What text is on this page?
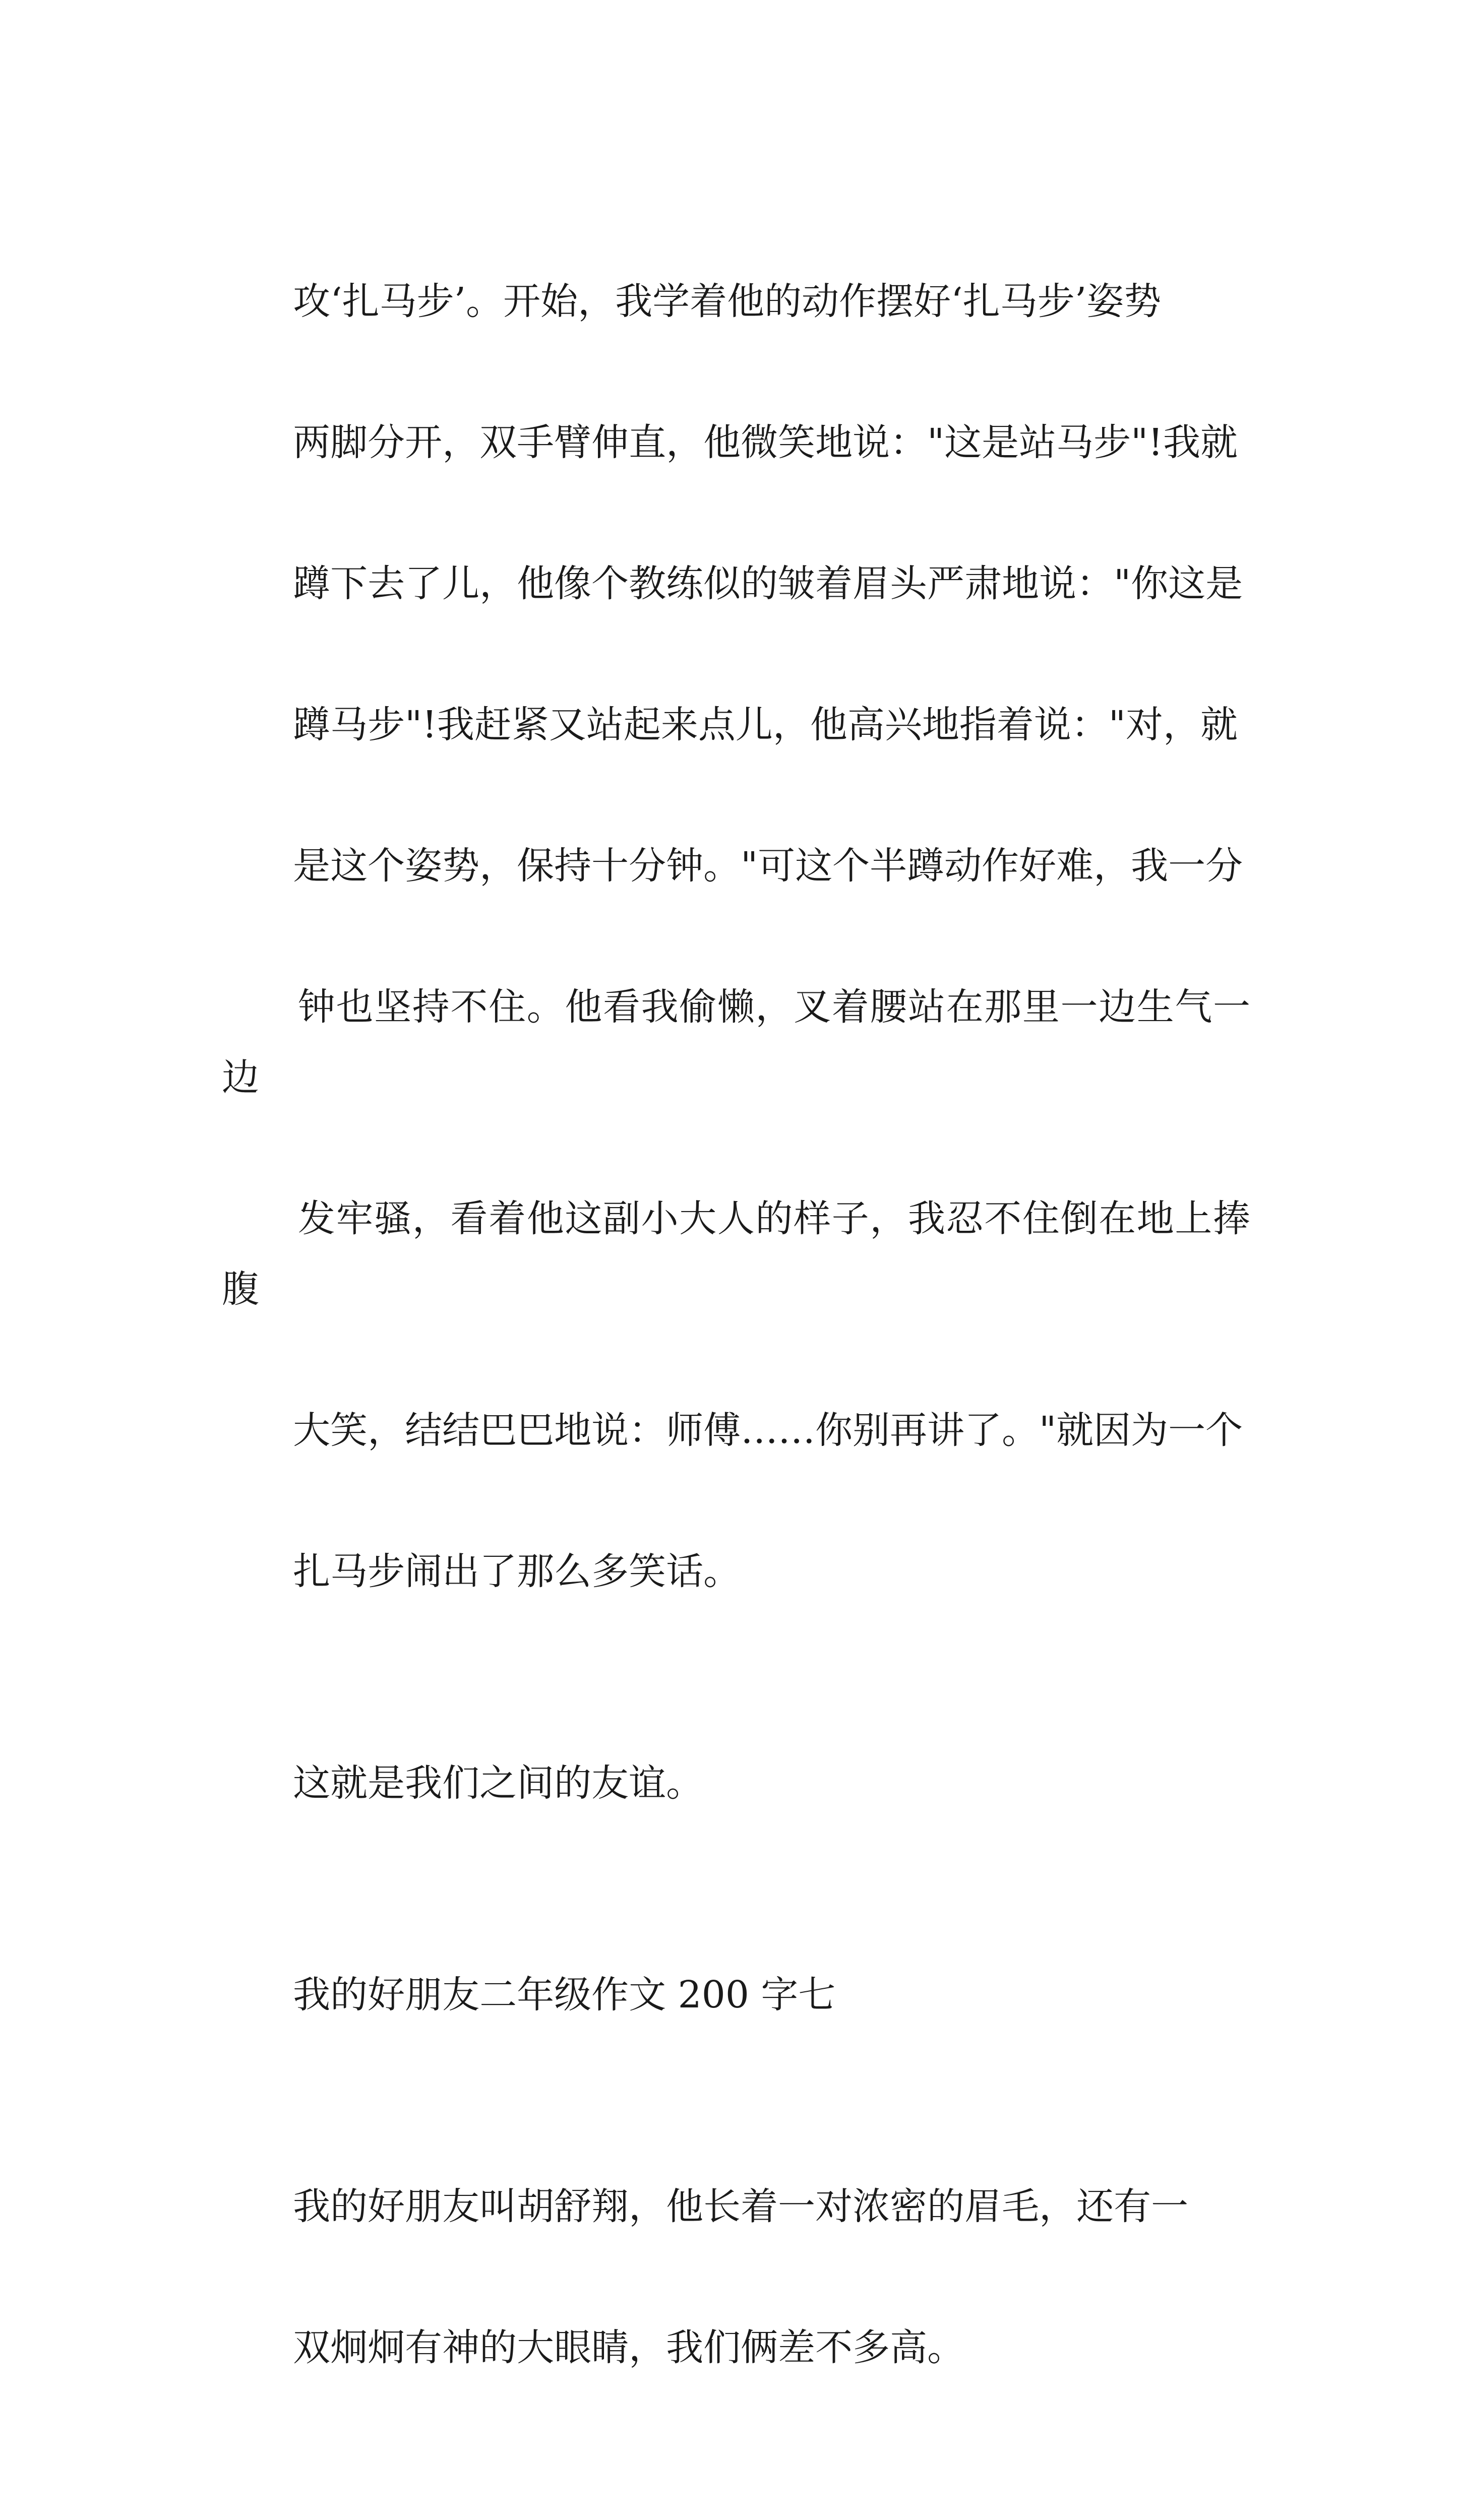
攻‘扎马步’。开始，我学着他的动作摆好‘扎马步’姿势

两脚分开，双手臂伸直，他微笑地说："这是站马步"!我就

蹲下去了儿，他像个教练似的皱着眉头严肃地说："你这是

蹲马步"!我赶紧又站起来点儿，他高兴地指着说："对，就

是这个姿势，保持十分钟。"可这个半蹲动作好难，我一分

钟也坚持不住。他看我偷懒，叉着腰站在那里一边生气一边

发牢骚，看着他这副小大人的样子，我忍不住倒在地上捧腹

大笑，结结巴巴地说：师傅……你别再讲了。"就因为一个

扎马步闹出了那么多笑话。

这就是我们之间的友谊。

我的好朋友二年级作文 200 字七

我的好朋友叫胡舒翔，他长着一对浓密的眉毛，还有一

双炯炯有神的大眼睛，我们俩差不多高。
